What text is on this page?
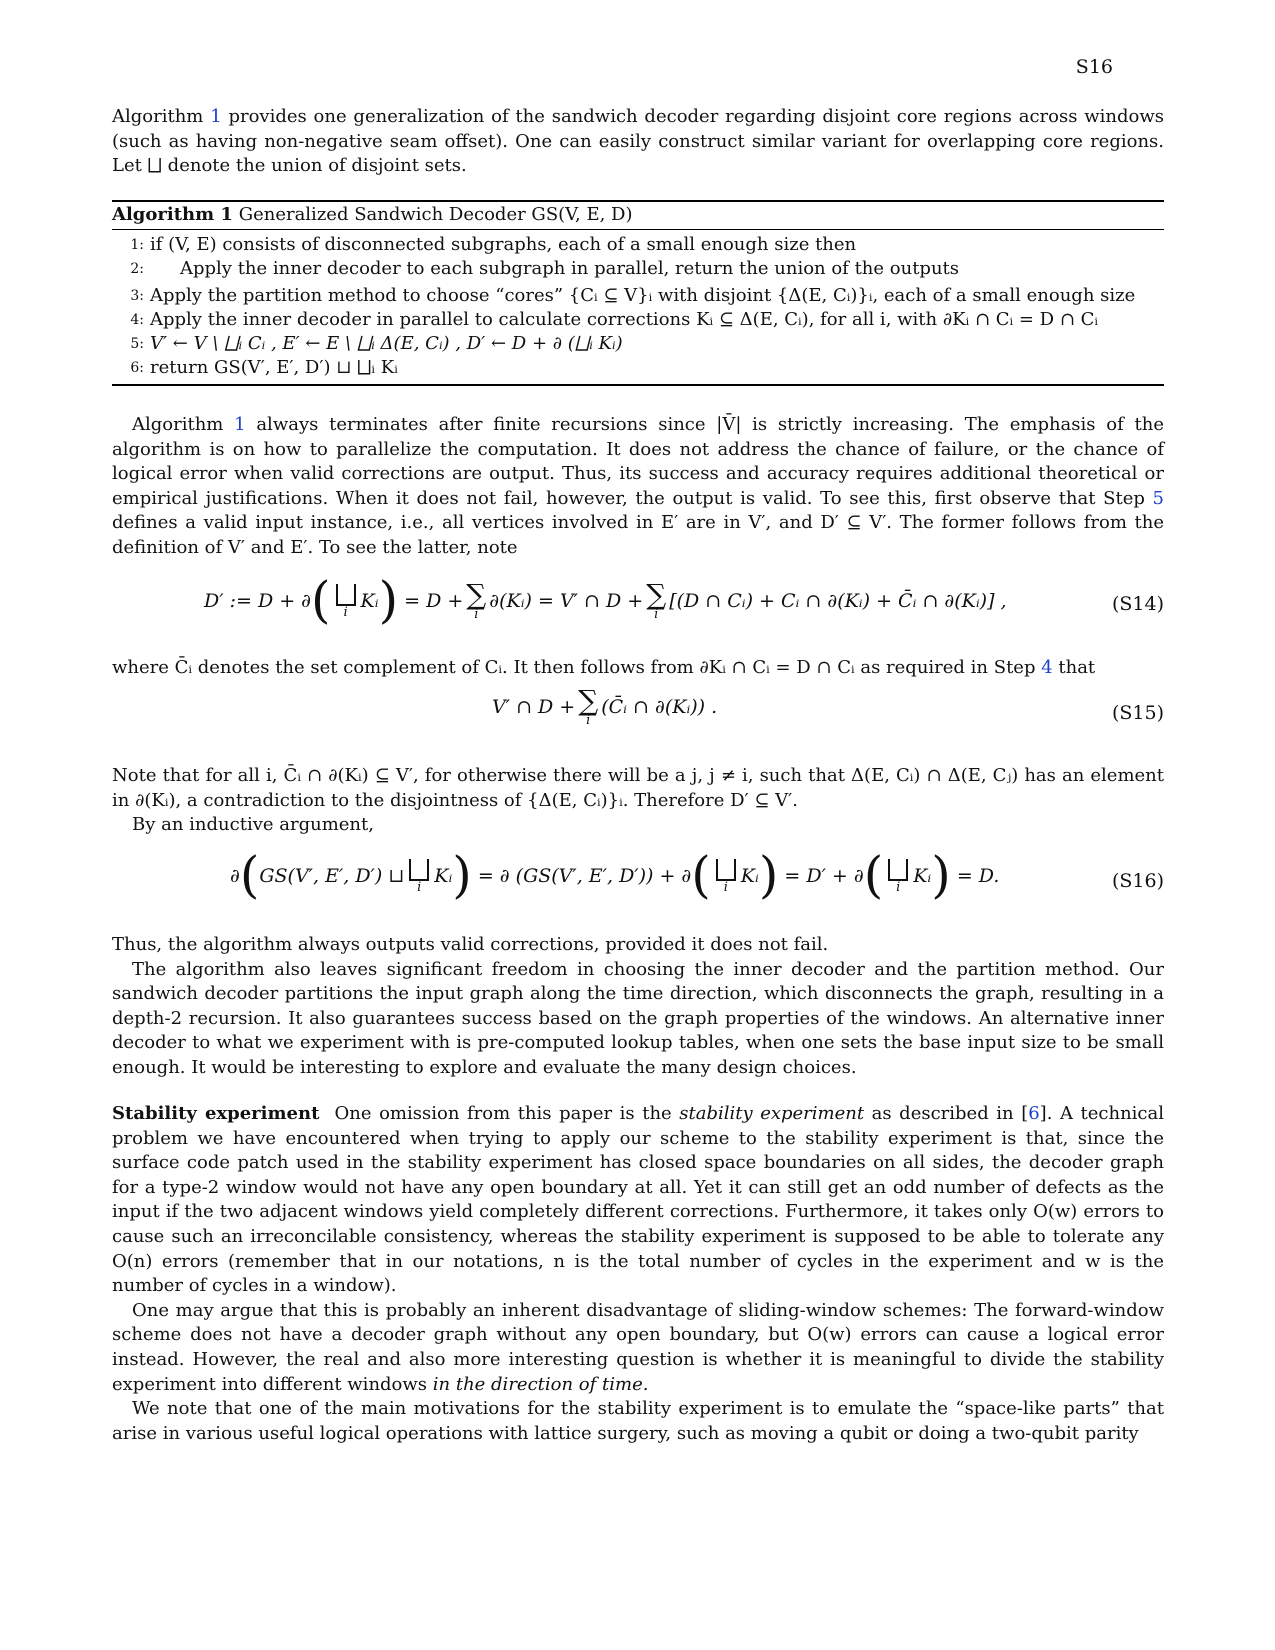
S16

Algorithm 1 provides one generalization of the sandwich decoder regarding disjoint core regions across windows (such as having non-negative seam offset). One can easily construct similar variant for overlapping core regions. Let ⨆ denote the union of disjoint sets.

Algorithm 1 Generalized Sandwich Decoder GS(V, E, D)
1: if (V, E) consists of disconnected subgraphs, each of a small enough size then
2:	Apply the inner decoder to each subgraph in parallel, return the union of the outputs
3: Apply the partition method to choose “cores” {Cᵢ ⊆ V}ᵢ with disjoint {Δ(E, Cᵢ)}ᵢ, each of a small enough size
4: Apply the inner decoder in parallel to calculate corrections Kᵢ ⊆ Δ(E, Cᵢ), for all i, with ∂Kᵢ ∩ Cᵢ = D ∩ Cᵢ
5: V′ ← V \ ⨆ᵢ Cᵢ , E′ ← E \ ⨆ᵢ Δ(E, Cᵢ) , D′ ← D + ∂ (⨆ᵢ Kᵢ)
6: return GS(V′, E′, D′) ⊔ ⨆ᵢ Kᵢ

Algorithm 1 always terminates after finite recursions since |V̄| is strictly increasing. The emphasis of the algorithm is on how to parallelize the computation. It does not address the chance of failure, or the chance of logical error when valid corrections are output. Thus, its success and accuracy requires additional theoretical or empirical justifications. When it does not fail, however, the output is valid. To see this, first observe that Step 5 defines a valid input instance, i.e., all vertices involved in E′ are in V′, and D′ ⊆ V′. The former follows from the definition of V′ and E′. To see the latter, note

D′ := D + ∂( i
Kᵢ) = D + ∑
i
∂(Kᵢ) = V′ ∩ D + ∑
i
[(D ∩ Cᵢ) + Cᵢ ∩ ∂(Kᵢ) + C̄ᵢ ∩ ∂(Kᵢ)] ,	(S14)

where C̄ᵢ denotes the set complement of Cᵢ. It then follows from ∂Kᵢ ∩ Cᵢ = D ∩ Cᵢ as required in Step 4 that

V′ ∩ D + ∑
i
(C̄ᵢ ∩ ∂(Kᵢ)) .	(S15)

Note that for all i, C̄ᵢ ∩ ∂(Kᵢ) ⊆ V′, for otherwise there will be a j, j ≠ i, such that Δ(E, Cᵢ) ∩ Δ(E, Cⱼ) has an element in ∂(Kᵢ), a contradiction to the disjointness of {Δ(E, Cᵢ)}ᵢ. Therefore D′ ⊆ V′.

By an inductive argument,

∂(GS(V′, E′, D′) ⊔
i
Kᵢ) = ∂ (GS(V′, E′, D′)) + ∂( i
Kᵢ) = D′ + ∂( i
Kᵢ) = D.	(S16)

Thus, the algorithm always outputs valid corrections, provided it does not fail.

The algorithm also leaves significant freedom in choosing the inner decoder and the partition method. Our sandwich decoder partitions the input graph along the time direction, which disconnects the graph, resulting in a depth-2 recursion. It also guarantees success based on the graph properties of the windows. An alternative inner decoder to what we experiment with is pre-computed lookup tables, when one sets the base input size to be small enough. It would be interesting to explore and evaluate the many design choices.

Stability experiment One omission from this paper is the stability experiment as described in [6]. A technical problem we have encountered when trying to apply our scheme to the stability experiment is that, since the surface code patch used in the stability experiment has closed space boundaries on all sides, the decoder graph for a type-2 window would not have any open boundary at all. Yet it can still get an odd number of defects as the input if the two adjacent windows yield completely different corrections. Furthermore, it takes only O(w) errors to cause such an irreconcilable consistency, whereas the stability experiment is supposed to be able to tolerate any O(n) errors (remember that in our notations, n is the total number of cycles in the experiment and w is the number of cycles in a window).

One may argue that this is probably an inherent disadvantage of sliding-window schemes: The forward-window scheme does not have a decoder graph without any open boundary, but O(w) errors can cause a logical error instead. However, the real and also more interesting question is whether it is meaningful to divide the stability experiment into different windows in the direction of time.

We note that one of the main motivations for the stability experiment is to emulate the “space-like parts” that arise in various useful logical operations with lattice surgery, such as moving a qubit or doing a two-qubit parity
